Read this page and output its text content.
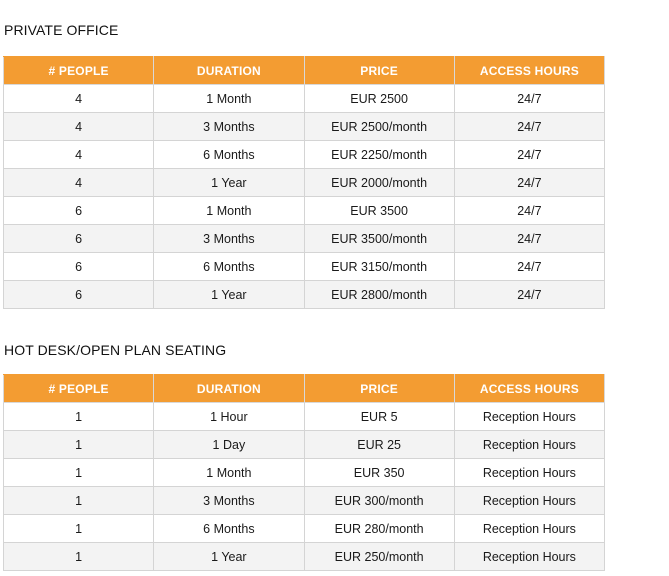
PRIVATE OFFICE
# PEOPLE	DURATION	PRICE	ACCESS HOURS
4	1 Month	EUR 2500	24/7
4	3 Months	EUR 2500/month	24/7
4	6 Months	EUR 2250/month	24/7
4	1 Year	EUR 2000/month	24/7
6	1 Month	EUR 3500	24/7
6	3 Months	EUR 3500/month	24/7
6	6 Months	EUR 3150/month	24/7
6	1 Year	EUR 2800/month	24/7
HOT DESK/OPEN PLAN SEATING
# PEOPLE	DURATION	PRICE	ACCESS HOURS
1	1 Hour	EUR 5	Reception Hours
1	1 Day	EUR 25	Reception Hours
1	1 Month	EUR 350	Reception Hours
1	3 Months	EUR 300/month	Reception Hours
1	6 Months	EUR 280/month	Reception Hours
1	1 Year	EUR 250/month	Reception Hours
